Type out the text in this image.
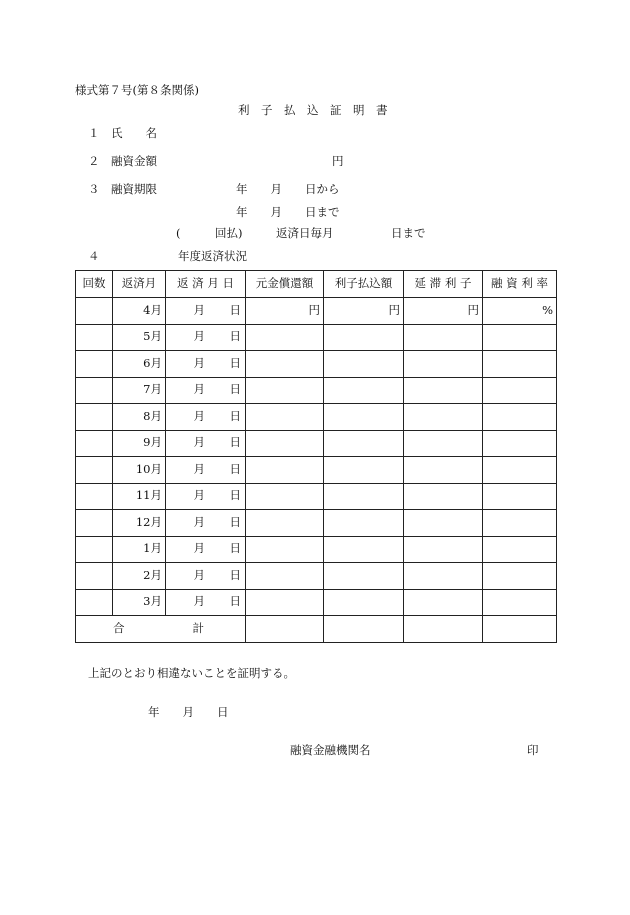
様式第７号(第８条関係)
利　子　払　込　証　明　書
１　氏　　名
２　融資金額	円
３　融資期限	年　　月　　日から
年　　月　　日まで
(　　　回払)	返済日毎月　　　　　日まで
４	年度返済状況
回数	返済月	返 済 月 日	元金償還額	利子払込額	延 滞 利 子	融 資 利 率
	4月	月 日	円	円	円	%
	5月	月 日				
	6月	月 日				
	7月	月 日				
	8月	月 日				
	9月	月 日				
	10月	月 日				
	11月	月 日				
	12月	月 日				
	1月	月 日				
	2月	月 日				
	3月	月 日				
合 計						
上記のとおり相違ないことを証明する。
年　　月　　日
融資金融機関名	印
